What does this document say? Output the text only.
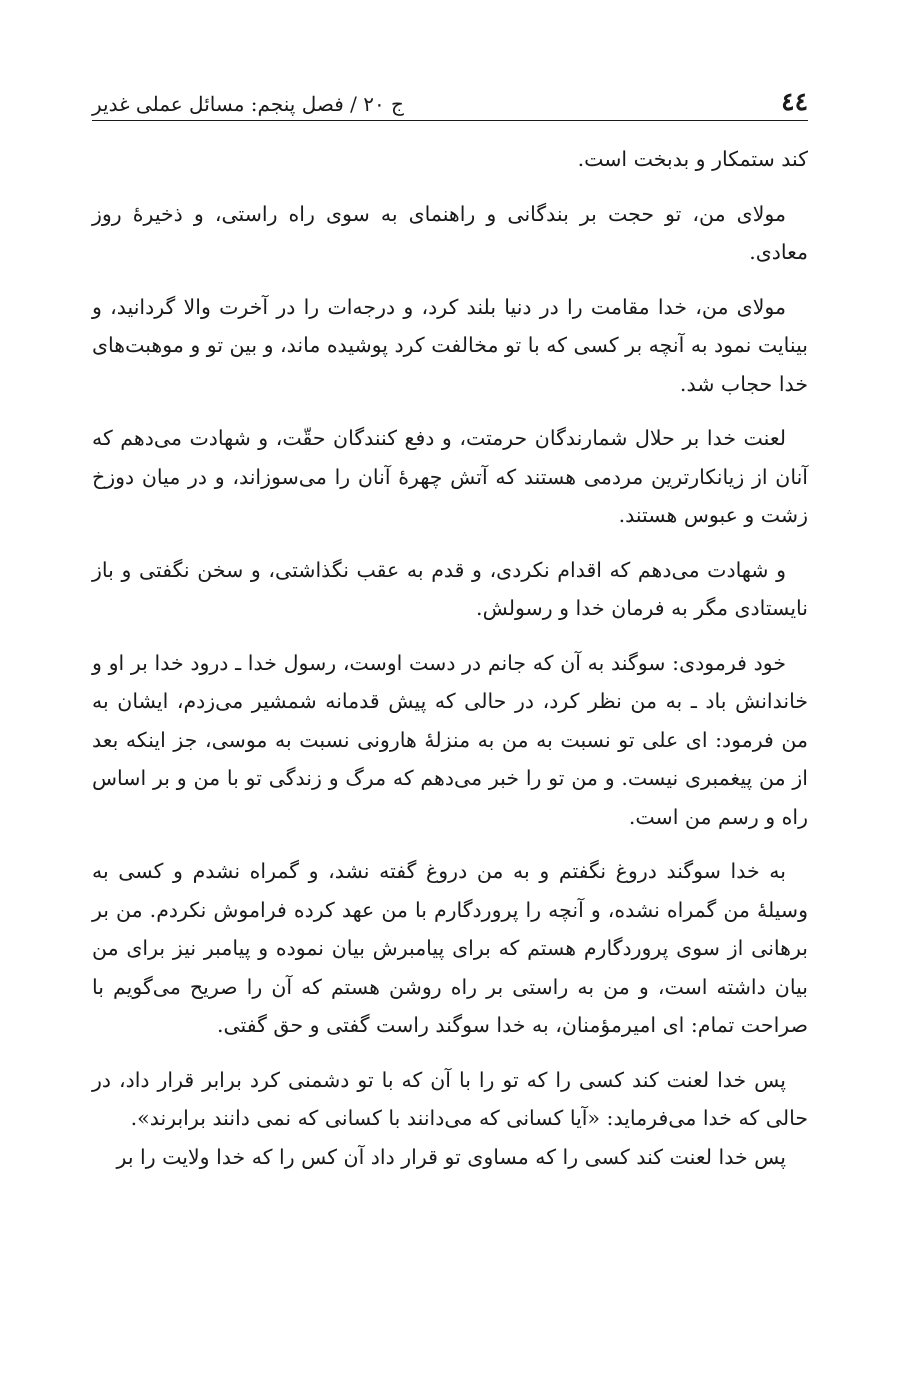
٤٤
ج ٢٠ / فصل پنجم: مسائل عملی غدیر

کند ستمکار و بدبخت است.

مولای من، تو حجت بر بندگانی و راهنمای به سوی راه راستی، و ذخیرۀ روز معادی.

مولای من، خدا مقامت را در دنیا بلند کرد، و درجه‌ات را در آخرت والا گردانید، و بینایت نمود به آنچه بر کسی که با تو مخالفت کرد پوشیده ماند، و بین تو و موهبت‌های خدا حجاب شد.

لعنت خدا بر حلال شمارندگان حرمتت، و دفع کنندگان حقّت، و شهادت می‌دهم که آنان از زیانکارترین مردمی هستند که آتش چهرۀ آنان را می‌سوزاند، و در میان دوزخ زشت و عبوس هستند.

و شهادت می‌دهم که اقدام نکردی، و قدم به عقب نگذاشتی، و سخن نگفتی و باز نایستادی مگر به فرمان خدا و رسولش.

خود فرمودی: سوگند به آن که جانم در دست اوست، رسول خدا ـ درود خدا بر او و خاندانش باد ـ به من نظر کرد، در حالی که پیش قدمانه شمشیر می‌زدم، ایشان به من فرمود: ای علی تو نسبت به من به منزلۀ هارونی نسبت به موسی، جز اینکه بعد از من پیغمبری نیست. و من تو را خبر می‌دهم که مرگ و زندگی تو با من و بر اساس راه و رسم من است.

به خدا سوگند دروغ نگفتم و به من دروغ گفته نشد، و گمراه نشدم و کسی به وسیلۀ من گمراه نشده، و آنچه را پروردگارم با من عهد کرده فراموش نکردم. من بر برهانی از سوی پروردگارم هستم که برای پیامبرش بیان نموده و پیامبر نیز برای من بیان داشته است، و من به راستی بر راه روشن هستم که آن را صریح می‌گویم با صراحت تمام: ای امیرمؤمنان، به خدا سوگند راست گفتی و حق گفتی.

پس خدا لعنت کند کسی را که تو را با آن که با تو دشمنی کرد برابر قرار داد، در حالی که خدا می‌فرماید: «آیا کسانی که می‌دانند با کسانی که نمی دانند برابرند».

پس خدا لعنت کند کسی را که مساوی تو قرار داد آن کس را که خدا ولایت را بر
